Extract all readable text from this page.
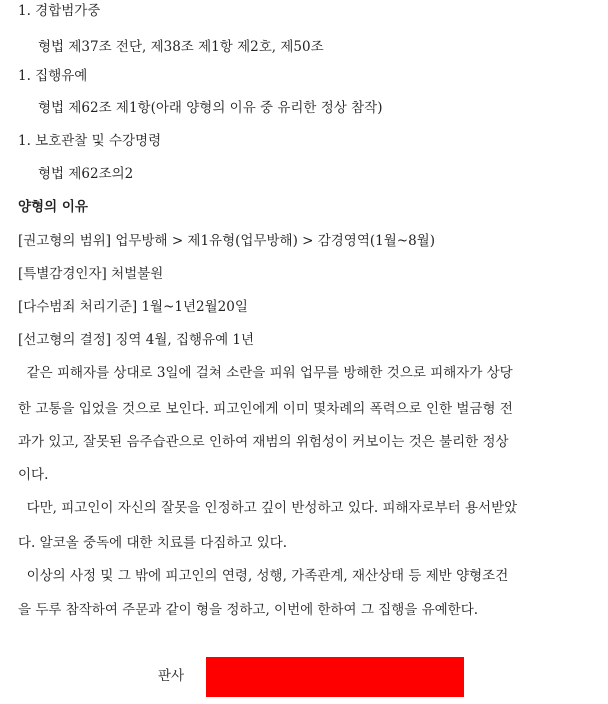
1. 경합범가중
형법 제37조 전단, 제38조 제1항 제2호, 제50조
1. 집행유예
형법 제62조 제1항(아래 양형의 이유 중 유리한 정상 참작)
1. 보호관찰 및 수강명령
형법 제62조의2
양형의 이유
[권고형의 범위] 업무방해 > 제1유형(업무방해) > 감경영역(1월~8월)
[특별감경인자] 처벌불원
[다수범죄 처리기준] 1월~1년2월20일
[선고형의 결정] 징역 4월, 집행유예 1년
같은 피해자를 상대로 3일에 걸쳐 소란을 피워 업무를 방해한 것으로 피해자가 상당
한 고통을 입었을 것으로 보인다. 피고인에게 이미 몇차례의 폭력으로 인한 벌금형 전
과가 있고, 잘못된 음주습관으로 인하여 재범의 위험성이 커보이는 것은 불리한 정상
이다.
다만, 피고인이 자신의 잘못을 인정하고 깊이 반성하고 있다. 피해자로부터 용서받았
다. 알코올 중독에 대한 치료를 다짐하고 있다.
이상의 사정 및 그 밖에 피고인의 연령, 성행, 가족관계, 재산상태 등 제반 양형조건
을 두루 참작하여 주문과 같이 형을 정하고, 이번에 한하여 그 집행을 유예한다.
판사
